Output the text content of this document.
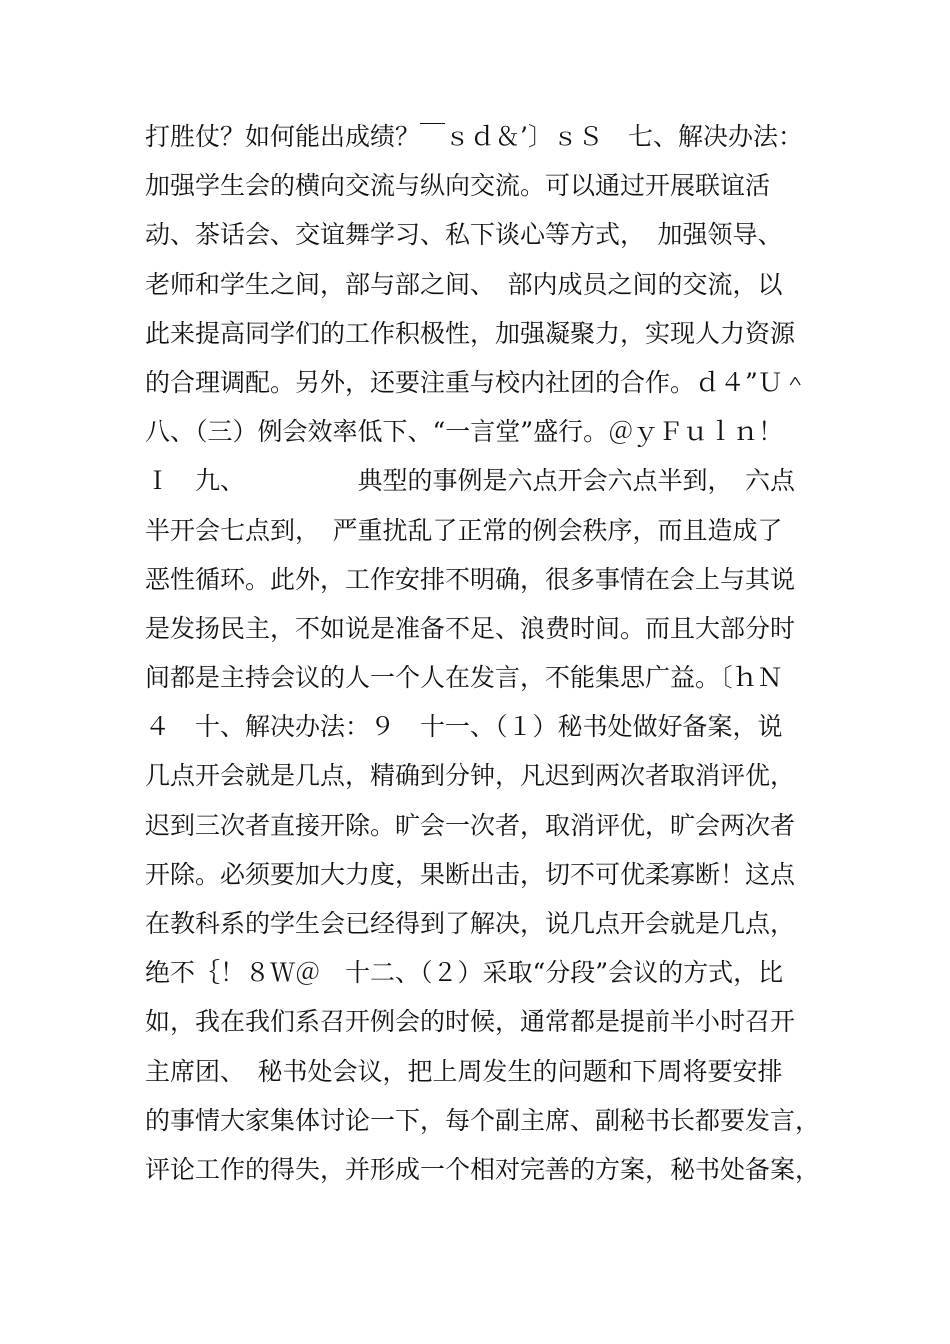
打胜仗？如何能出成绩？￣ｓｄ＆’〕ｓＳ　七、解决办法：
加强学生会的横向交流与纵向交流。可以通过开展联谊活
动、茶话会、交谊舞学习、私下谈心等方式，　加强领导、
老师和学生之间，部与部之间、　部内成员之间的交流，以
此来提高同学们的工作积极性，加强凝聚力，实现人力资源
的合理调配。另外，还要注重与校内社团的合作。ｄ４”Ｕ＾
八、（三）例会效率低下、“一言堂”盛行。＠ｙＦｕｌｎ！
Ｉ　九、　　　　　典型的事例是六点开会六点半到，　六点
半开会七点到，　严重扰乱了正常的例会秩序，而且造成了
恶性循环。此外，工作安排不明确，很多事情在会上与其说
是发扬民主，不如说是准备不足、浪费时间。而且大部分时
间都是主持会议的人一个人在发言，不能集思广益。〔ｈＮ
４　十、解决办法：９　十一、（１）秘书处做好备案，说
几点开会就是几点，精确到分钟，凡迟到两次者取消评优，
迟到三次者直接开除。旷会一次者，取消评优，旷会两次者
开除。必须要加大力度，果断出击，切不可优柔寡断！这点
在教科系的学生会已经得到了解决，说几点开会就是几点，
绝不｛！８Ｗ＠　十二、（２）采取“分段”会议的方式，比
如，我在我们系召开例会的时候，通常都是提前半小时召开
主席团、　秘书处会议，把上周发生的问题和下周将要安排
的事情大家集体讨论一下，每个副主席、副秘书长都要发言，
评论工作的得失，并形成一个相对完善的方案，秘书处备案，
